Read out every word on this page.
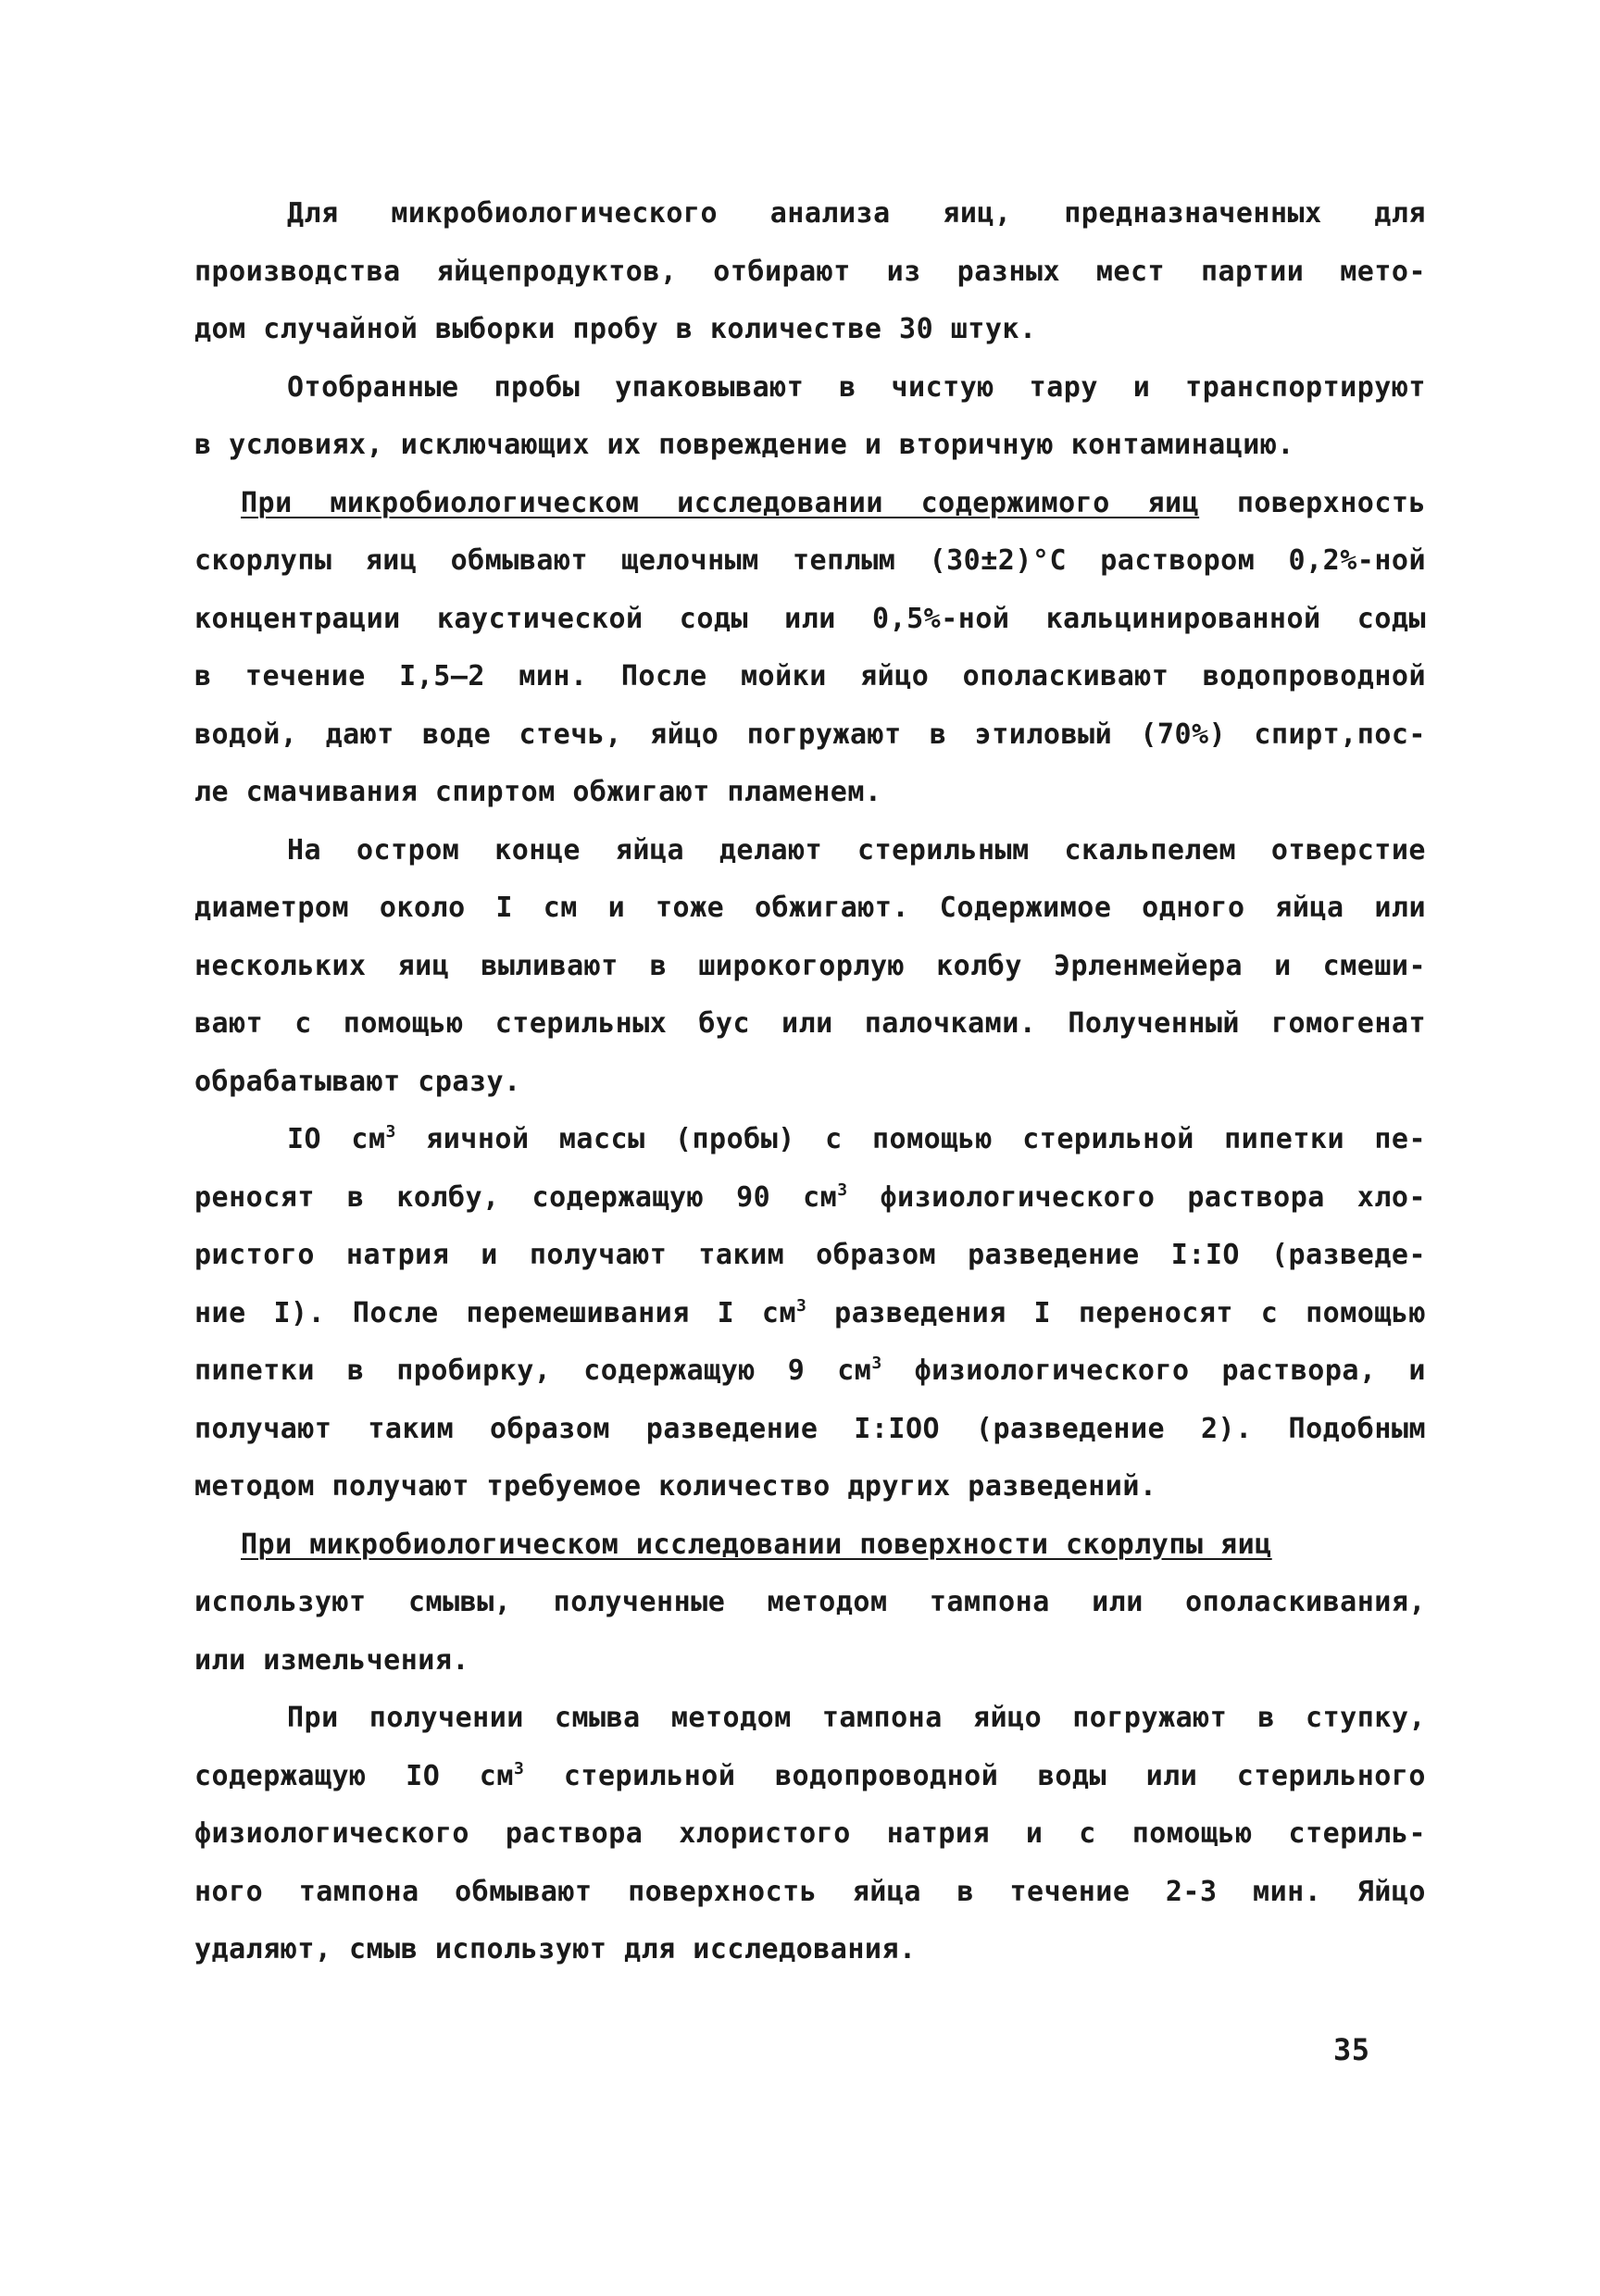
Для микробиологического анализа яиц, предназначенных для
производства яйцепродуктов, отбирают из разных мест партии мето-
дом случайной выборки пробу в количестве 30 штук.
Отобранные пробы упаковывают в чистую тару и транспортируют
в условиях, исключающих их повреждение и вторичную контаминацию.
При микробиологическом исследовании содержимого яиц поверхность
скорлупы яиц обмывают щелочным теплым (30±2)°С раствором 0,2%-ной
концентрации каустической соды или 0,5%-ной кальцинированной соды
в течение I,5–2 мин. После мойки яйцо ополаскивают водопроводной
водой, дают воде стечь, яйцо погружают в этиловый (70%) спирт,пос-
ле смачивания спиртом обжигают пламенем.
На остром конце яйца делают стерильным скальпелем отверстие
диаметром около I см и тоже обжигают. Содержимое одного яйца или
нескольких яиц выливают в широкогорлую колбу Эрленмейера и смеши-
вают с помощью стерильных бус или палочками. Полученный гомогенат
обрабатывают сразу.
IO $см^3$ яичной массы (пробы) с помощью стерильной пипетки пе-
реносят в колбу, содержащую 90 $см^3$ физиологического раствора хло-
ристого натрия и получают таким образом разведение I:IO (разведе-
ние I). После перемешивания I $см^3$ разведения I переносят с помощью
пипетки в пробирку, содержащую 9 $см^3$ физиологического раствора, и
получают таким образом разведение I:IOO (разведение 2). Подобным
методом получают требуемое количество других разведений.
При микробиологическом исследовании поверхности скорлупы яиц
используют смывы, полученные методом тампона или ополаскивания,
или измельчения.
При получении смыва методом тампона яйцо погружают в ступку,
содержащую IO $см^3$ стерильной водопроводной воды или стерильного
физиологического раствора хлористого натрия и с помощью стериль-
ного тампона обмывают поверхность яйца в течение 2-3 мин. Яйцо
удаляют, смыв используют для исследования.
35
